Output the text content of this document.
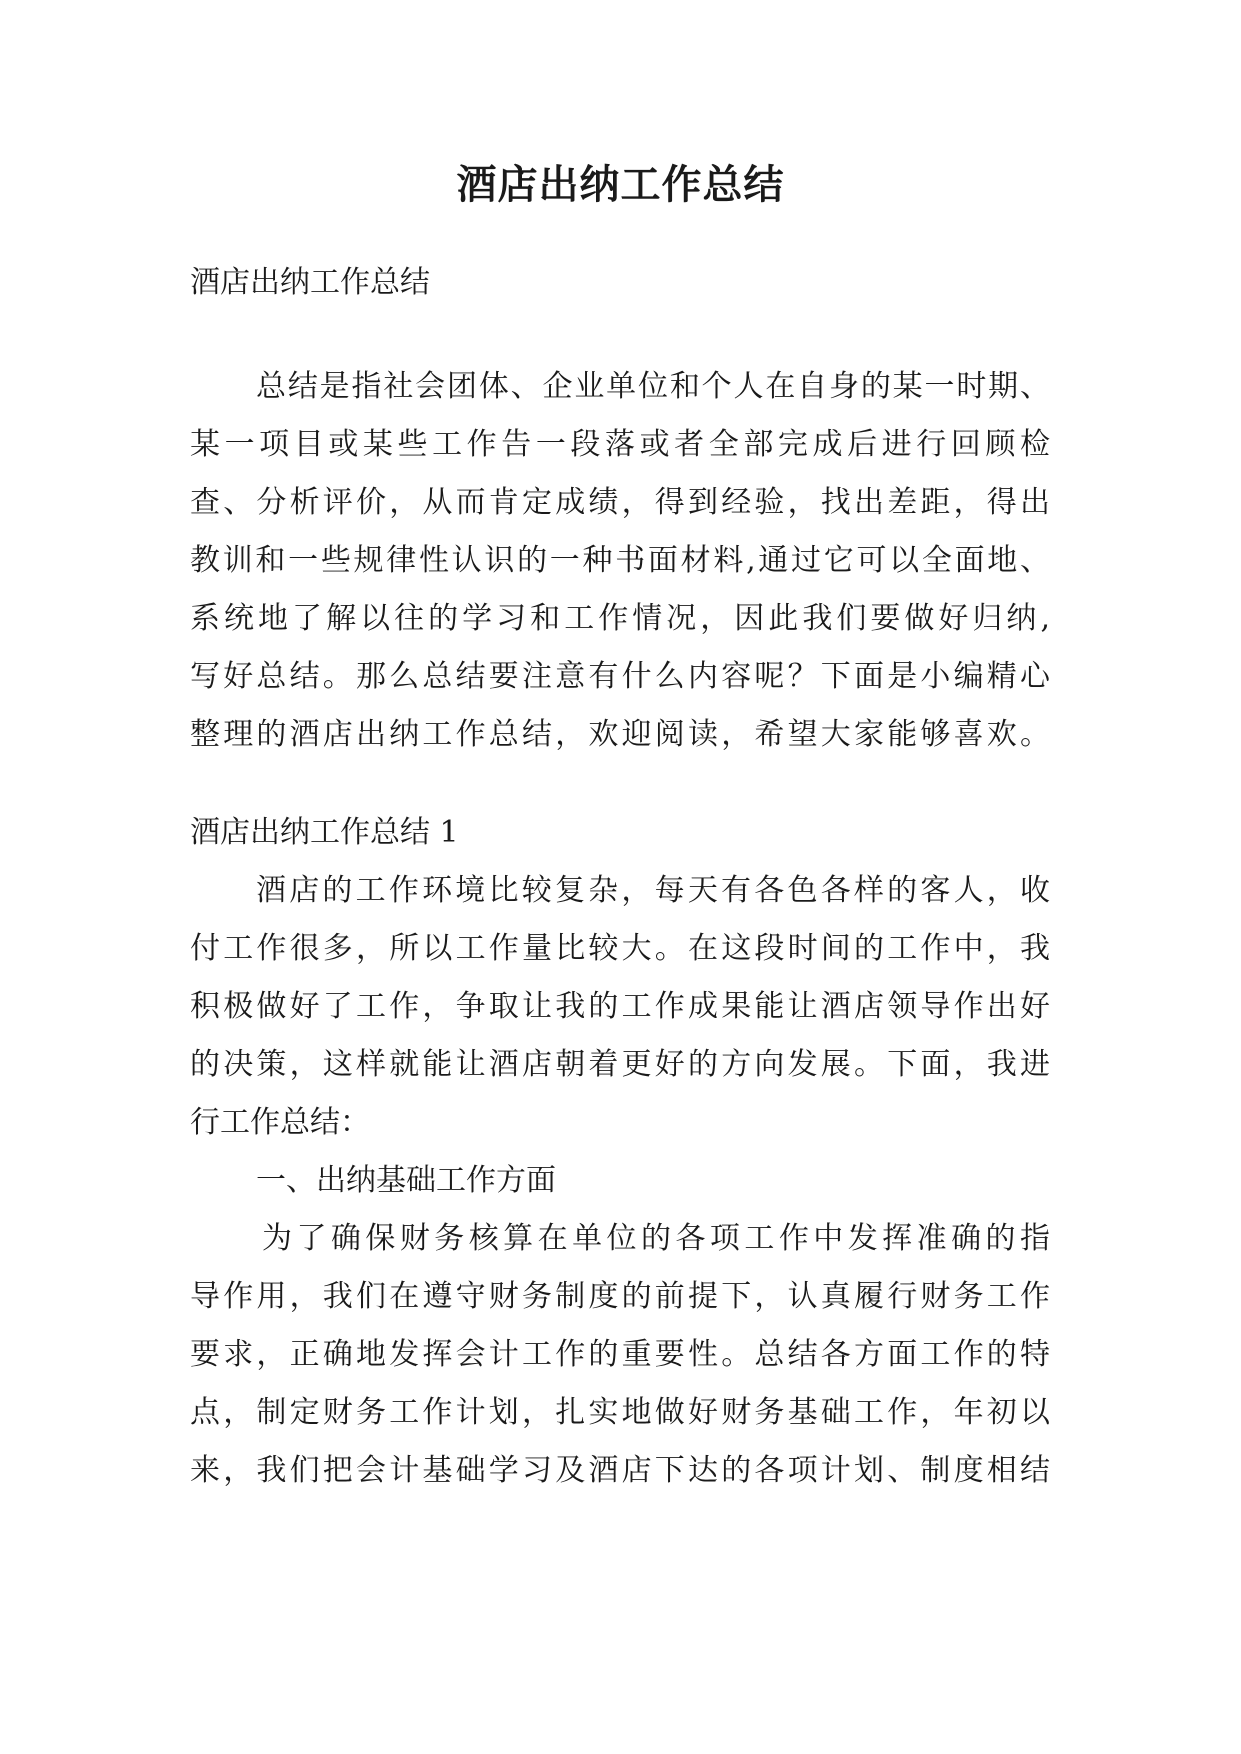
酒店出纳工作总结

酒店出纳工作总结

总结是指社会团体、企业单位和个人在自身的某一时期、

某一项目或某些工作告一段落或者全部完成后进行回顾检

查、分析评价，从而肯定成绩，得到经验，找出差距，得出

教训和一些规律性认识的一种书面材料,通过它可以全面地、

系统地了解以往的学习和工作情况，因此我们要做好归纳,

写好总结。那么总结要注意有什么内容呢？下面是小编精心

整理的酒店出纳工作总结，欢迎阅读，希望大家能够喜欢。

酒店出纳工作总结 1

酒店的工作环境比较复杂，每天有各色各样的客人，收

付工作很多，所以工作量比较大。在这段时间的工作中，我

积极做好了工作，争取让我的工作成果能让酒店领导作出好

的决策，这样就能让酒店朝着更好的方向发展。下面，我进

行工作总结：

一、出纳基础工作方面

为了确保财务核算在单位的各项工作中发挥准确的指

导作用，我们在遵守财务制度的前提下，认真履行财务工作

要求，正确地发挥会计工作的重要性。总结各方面工作的特

点，制定财务工作计划，扎实地做好财务基础工作，年初以

来，我们把会计基础学习及酒店下达的各项计划、制度相结
